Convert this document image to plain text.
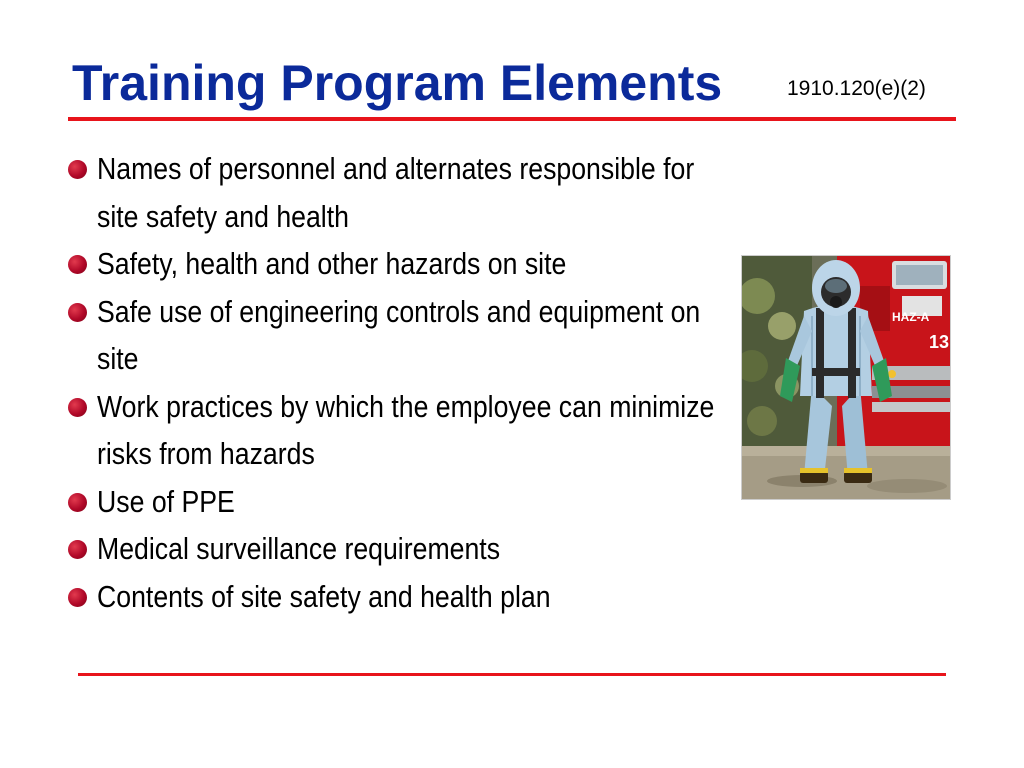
Training Program Elements	1910.120(e)(2)
Names of personnel and alternates responsible for site safety and health
Safety, health and other hazards on site
Safe use of engineering controls and equipment on site
Work practices by which the employee can minimize risks from hazards
Use of PPE
Medical surveillance requirements
Contents of site safety and health plan
HAZ-A
13
